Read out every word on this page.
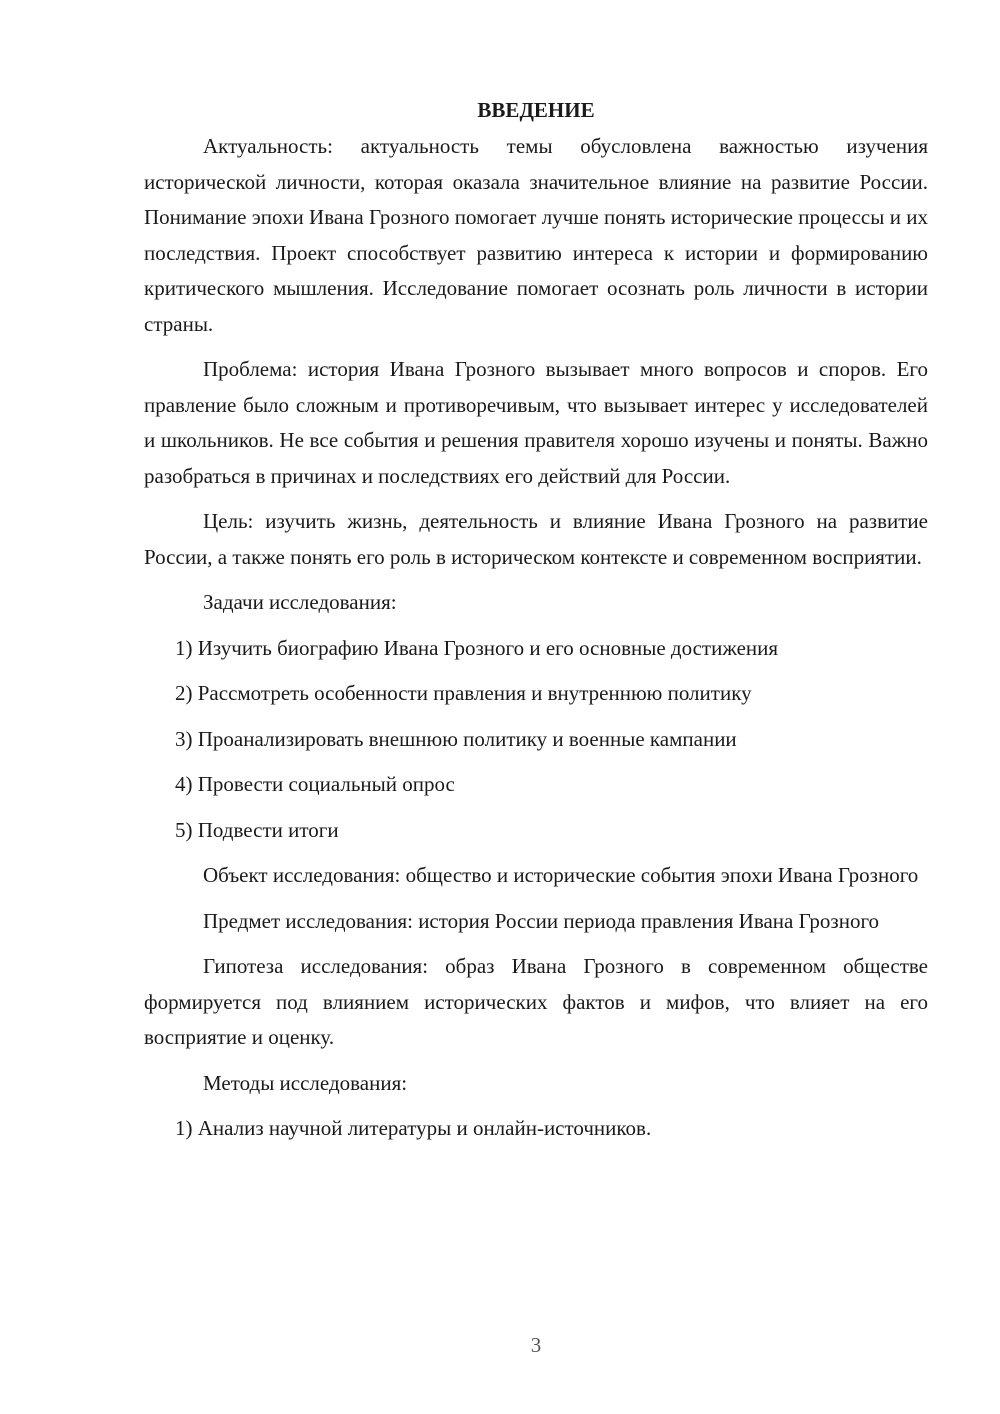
ВВЕДЕНИЕ

Актуальность: актуальность темы обусловлена важностью изучения исторической личности, которая оказала значительное влияние на развитие России. Понимание эпохи Ивана Грозного помогает лучше понять исторические процессы и их последствия. Проект способствует развитию интереса к истории и формированию критического мышления. Исследование помогает осознать роль личности в истории страны.

Проблема: история Ивана Грозного вызывает много вопросов и споров. Его правление было сложным и противоречивым, что вызывает интерес у исследователей и школьников. Не все события и решения правителя хорошо изучены и поняты. Важно разобраться в причинах и последствиях его действий для России.

Цель: изучить жизнь, деятельность и влияние Ивана Грозного на развитие России, а также понять его роль в историческом контексте и современном восприятии.

Задачи исследования:

1) Изучить биографию Ивана Грозного и его основные достижения

2) Рассмотреть особенности правления и внутреннюю политику

3) Проанализировать внешнюю политику и военные кампании

4) Провести социальный опрос

5) Подвести итоги

Объект исследования: общество и исторические события эпохи Ивана Грозного

Предмет исследования: история России периода правления Ивана Грозного

Гипотеза исследования: образ Ивана Грозного в современном обществе формируется под влиянием исторических фактов и мифов, что влияет на его восприятие и оценку.

Методы исследования:

1) Анализ научной литературы и онлайн-источников.

3
